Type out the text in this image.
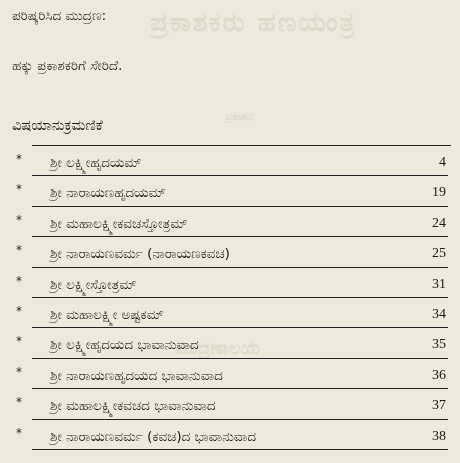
ಪ್ರಕಾಶಕರು ಹಣಯಂತ್ರ
ಪ್ರಕಾಶನ
ಮುದ್ರಣಾಲಯ
ಪರಿಷ್ಕರಿಸಿದ ಮುದ್ರಣ:
ಹಕ್ಕು ಪ್ರಕಾಶಕರಿಗೆ ಸೇರಿದೆ.
ವಿಷಯಾನುಕ್ರಮಣಿಕೆ
* ಶ್ರೀ ಲಕ್ಷ್ಮೀಹೃದಯಮ್	4
* ಶ್ರೀ ನಾರಾಯಣಹೃದಯಮ್	19
* ಶ್ರೀ ಮಹಾಲಕ್ಷ್ಮೀಕವಚಸ್ತೋತ್ರಮ್	24
* ಶ್ರೀ ನಾರಾಯಣವರ್ಮ (ನಾರಾಯಣಕವಚ)	25
* ಶ್ರೀ ಲಕ್ಷ್ಮೀಸ್ತೋತ್ರಮ್	31
* ಶ್ರೀ ಮಹಾಲಕ್ಷ್ಮೀ ಅಷ್ಟಕಮ್	34
* ಶ್ರೀ ಲಕ್ಷ್ಮೀಹೃದಯದ ಭಾವಾನುವಾದ	35
* ಶ್ರೀ ನಾರಾಯಣಹೃದಯದ ಭಾವಾನುವಾದ	36
* ಶ್ರೀ ಮಹಾಲಕ್ಷ್ಮೀಕವಚದ ಭಾವಾನುವಾದ	37
* ಶ್ರೀ ನಾರಾಯಣವರ್ಮ (ಕವಚ)ದ ಭಾವಾನುವಾದ	38
